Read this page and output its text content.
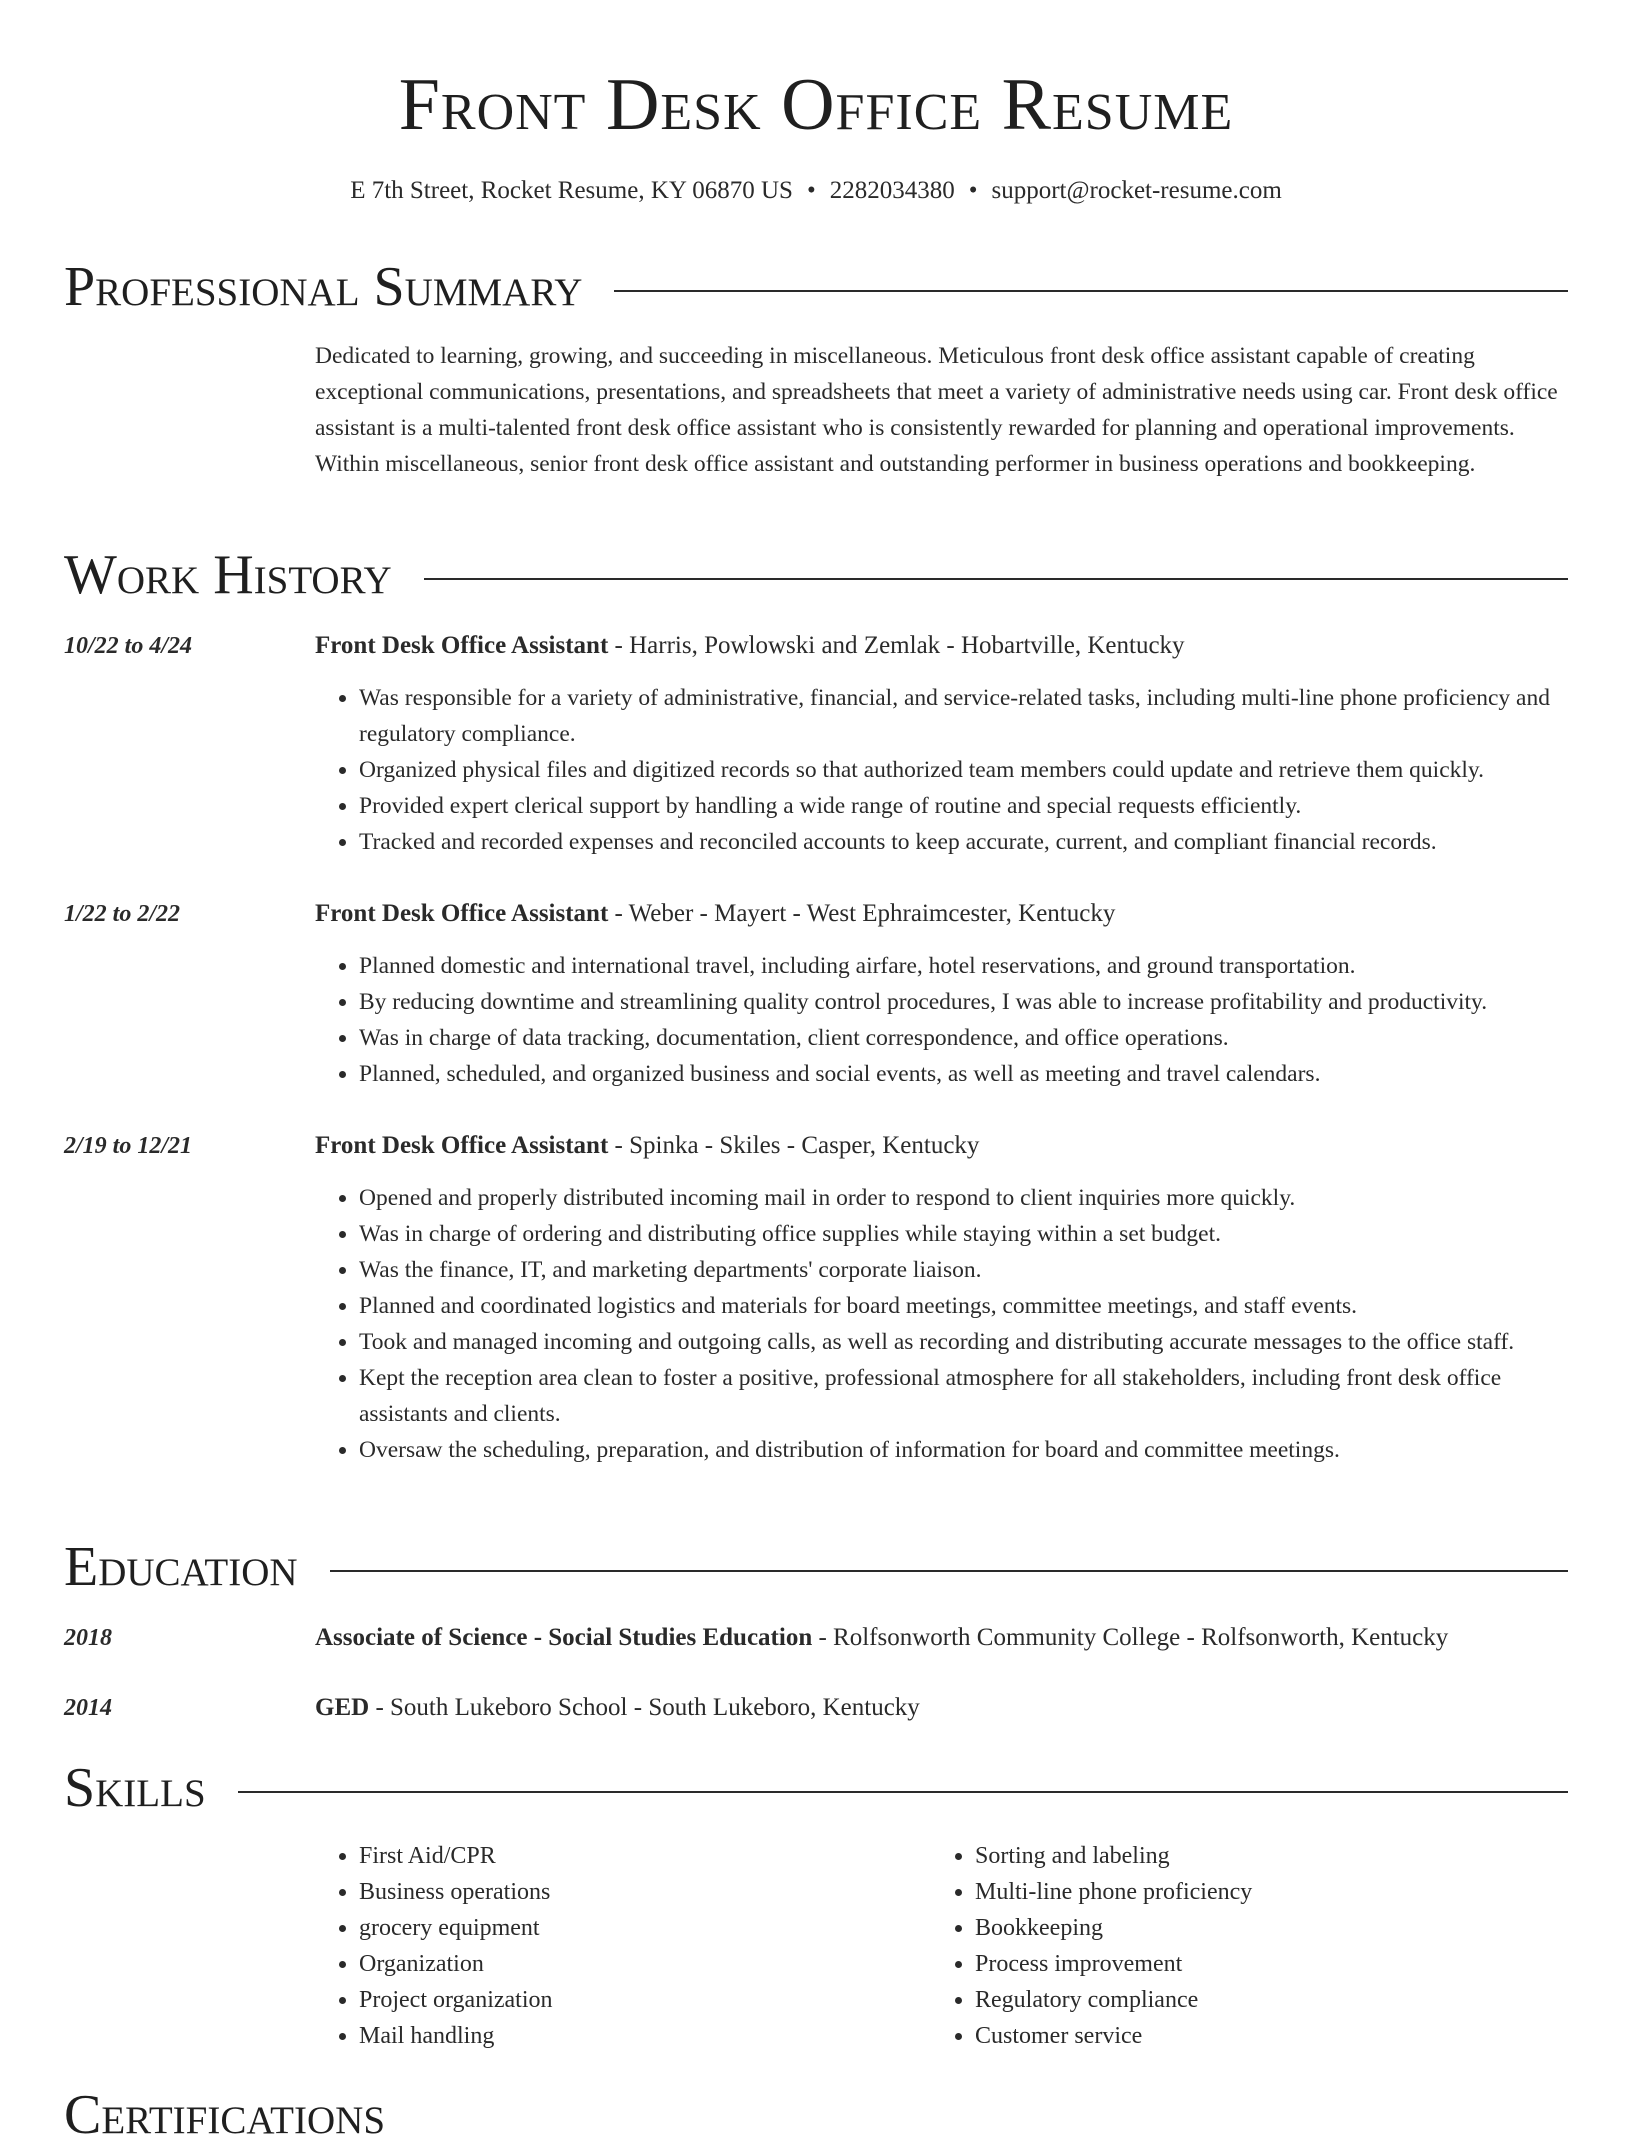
Front Desk Office Resume
E 7th Street, Rocket Resume, KY 06870 US • 2282034380 • support@rocket-resume.com
Professional Summary

Dedicated to learning, growing, and succeeding in miscellaneous. Meticulous front desk office assistant capable of creating exceptional communications, presentations, and spreadsheets that meet a variety of administrative needs using car. Front desk office assistant is a multi-talented front desk office assistant who is consistently rewarded for planning and operational improvements. Within miscellaneous, senior front desk office assistant and outstanding performer in business operations and bookkeeping.

Work History
10/22 to 4/24	Front Desk Office Assistant - Harris, Powlowski and Zemlak - Hobartville, Kentucky
• Was responsible for a variety of administrative, financial, and service-related tasks, including multi-line phone proficiency and regulatory compliance.
• Organized physical files and digitized records so that authorized team members could update and retrieve them quickly.
• Provided expert clerical support by handling a wide range of routine and special requests efficiently.
• Tracked and recorded expenses and reconciled accounts to keep accurate, current, and compliant financial records.
1/22 to 2/22	Front Desk Office Assistant - Weber - Mayert - West Ephraimcester, Kentucky
• Planned domestic and international travel, including airfare, hotel reservations, and ground transportation.
• By reducing downtime and streamlining quality control procedures, I was able to increase profitability and productivity.
• Was in charge of data tracking, documentation, client correspondence, and office operations.
• Planned, scheduled, and organized business and social events, as well as meeting and travel calendars.
2/19 to 12/21	Front Desk Office Assistant - Spinka - Skiles - Casper, Kentucky
• Opened and properly distributed incoming mail in order to respond to client inquiries more quickly.
• Was in charge of ordering and distributing office supplies while staying within a set budget.
• Was the finance, IT, and marketing departments' corporate liaison.
• Planned and coordinated logistics and materials for board meetings, committee meetings, and staff events.
• Took and managed incoming and outgoing calls, as well as recording and distributing accurate messages to the office staff.
• Kept the reception area clean to foster a positive, professional atmosphere for all stakeholders, including front desk office assistants and clients.
• Oversaw the scheduling, preparation, and distribution of information for board and committee meetings.
Education
2018	Associate of Science - Social Studies Education - Rolfsonworth Community College - Rolfsonworth, Kentucky
2014	GED - South Lukeboro School - South Lukeboro, Kentucky
Skills
• First Aid/CPR
• Business operations
• grocery equipment
• Organization
• Project organization
• Mail handling
• Sorting and labeling
• Multi-line phone proficiency
• Bookkeeping
• Process improvement
• Regulatory compliance
• Customer service
Certifications
